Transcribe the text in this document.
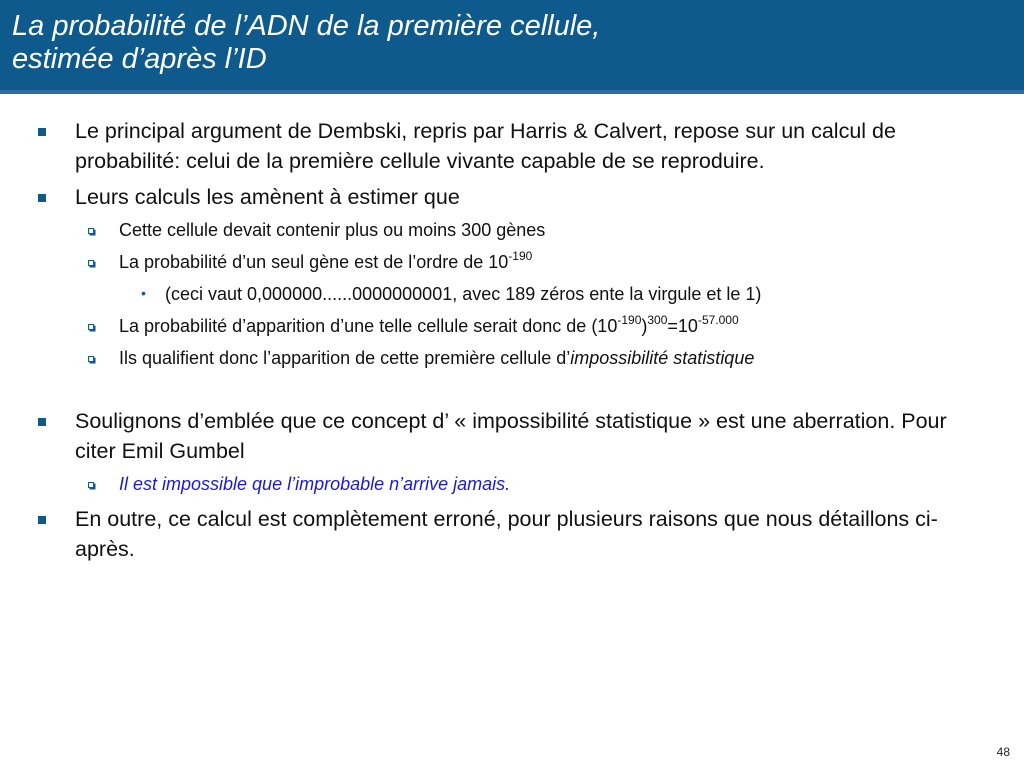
La probabilité de l’ADN de la première cellule,
estimée d’après l’ID
Le principal argument de Dembski, repris par Harris & Calvert, repose sur un calcul de probabilité: celui de la première cellule vivante capable de se reproduire.
Leurs calculs les amènent à estimer que
Cette cellule devait contenir plus ou moins 300 gènes
La probabilité d’un seul gène est de l’ordre de $10^{-190}$
• (ceci vaut 0,000000......0000000001, avec 189 zéros ente la virgule et le 1)
La probabilité d’apparition d’une telle cellule serait donc de $(10^{-190})^{300}=10^{-57.000}$
Ils qualifient donc l’apparition de cette première cellule d’impossibilité statistique
Soulignons d’emblée que ce concept d’ « impossibilité statistique » est une aberration. Pour citer Emil Gumbel
Il est impossible que l’improbable n’arrive jamais.
En outre, ce calcul est complètement erroné, pour plusieurs raisons que nous détaillons ci-après.
48
